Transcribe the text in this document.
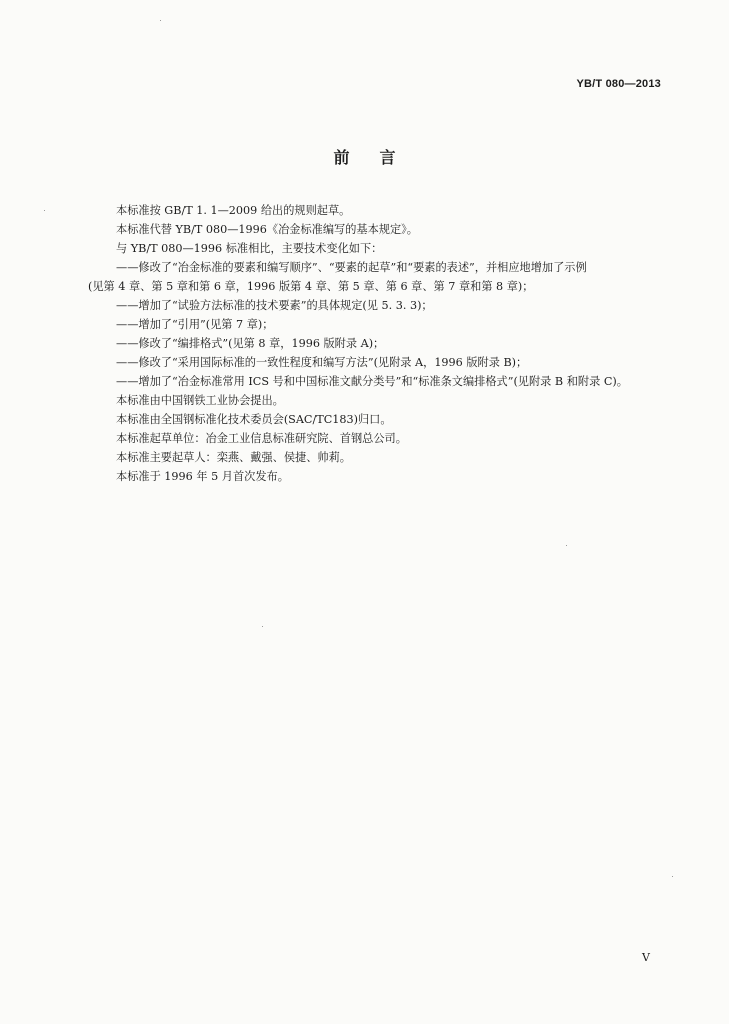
YB/T 080—2013
前言

本标准按 GB/T 1. 1—2009 给出的规则起草。

本标准代替 YB/T 080—1996《冶金标准编写的基本规定》。

与 YB/T 080—1996 标准相比，主要技术变化如下：

——修改了“冶金标准的要素和编写顺序”、“要素的起草”和“要素的表述”，并相应地增加了示例
(见第 4 章、第 5 章和第 6 章，1996 版第 4 章、第 5 章、第 6 章、第 7 章和第 8 章)；

——增加了“试验方法标准的技术要素”的具体规定(见 5. 3. 3)；

——增加了“引用”(见第 7 章)；

——修改了“编排格式”(见第 8 章，1996 版附录 A)；

——修改了“采用国际标准的一致性程度和编写方法”(见附录 A，1996 版附录 B)；

——增加了“冶金标准常用 ICS 号和中国标准文献分类号”和“标准条文编排格式”(见附录 B 和附录 C)。

本标准由中国钢铁工业协会提出。

本标准由全国钢标准化技术委员会(SAC/TC183)归口。

本标准起草单位：冶金工业信息标准研究院、首钢总公司。

本标准主要起草人：栾燕、戴强、侯捷、帅莉。

本标准于 1996 年 5 月首次发布。

V
